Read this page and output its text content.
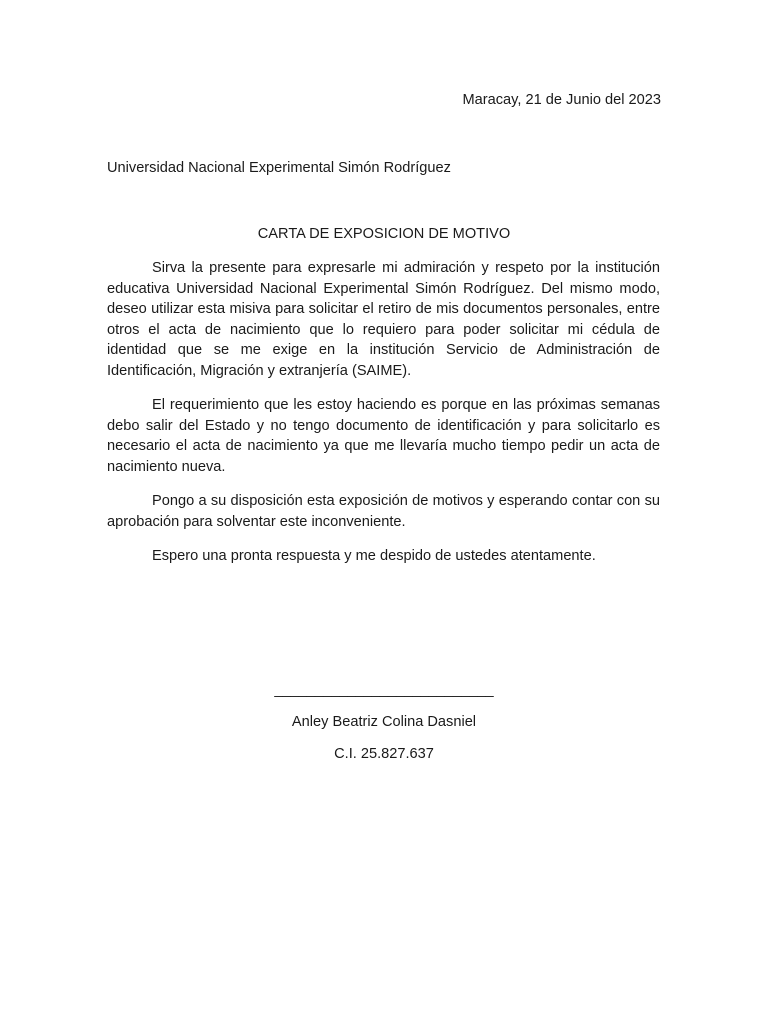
Maracay, 21 de Junio del 2023
Universidad Nacional Experimental Simón Rodríguez
CARTA DE EXPOSICION DE MOTIVO

Sirva la presente para expresarle mi admiración y respeto por la institución educativa Universidad Nacional Experimental Simón Rodríguez. Del mismo modo, deseo utilizar esta misiva para solicitar el retiro de mis documentos personales, entre otros el acta de nacimiento que lo requiero para poder solicitar mi cédula de identidad que se me exige en la institución Servicio de Administración de Identificación, Migración y extranjería (SAIME).

El requerimiento que les estoy haciendo es porque en las próximas semanas debo salir del Estado y no tengo documento de identificación y para solicitarlo es necesario el acta de nacimiento ya que me llevaría mucho tiempo pedir un acta de nacimiento nueva.

Pongo a su disposición esta exposición de motivos y esperando contar con su aprobación para solventar este inconveniente.

Espero una pronta respuesta y me despido de ustedes atentamente.

___________________________
Anley Beatriz Colina Dasniel
C.I. 25.827.637
